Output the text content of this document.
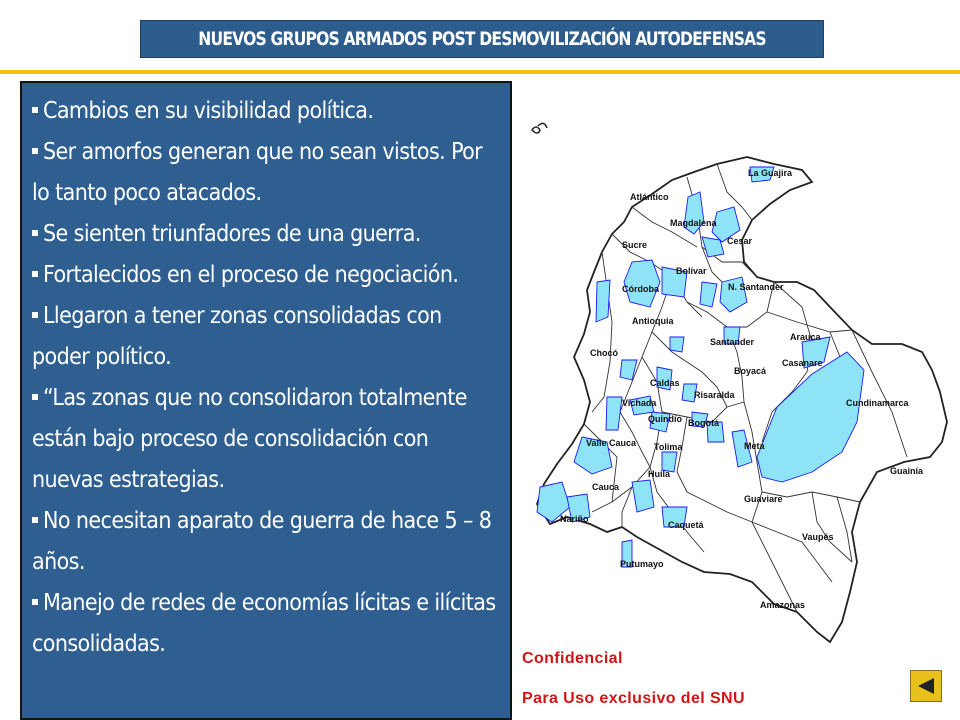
NUEVOS GRUPOS ARMADOS POST DESMOVILIZACIÓN AUTODEFENSAS
Cambios en su visibilidad política.
Ser amorfos generan que no sean vistos. Por lo tanto poco atacados.
Se sienten triunfadores de una guerra.
Fortalecidos en el proceso de negociación.
Llegaron a tener zonas consolidadas con poder político.
“Las zonas que no consolidaron totalmente están bajo proceso de consolidación con nuevas estrategias.
No necesitan aparato de guerra de hace 5 – 8 años.
Manejo de redes de economías lícitas e ilícitas consolidadas.
La Guajira
Atlántico
Magdalena
Cesar
Sucre
Bolívar
Córdoba	N. Santander
Antioquia
Santander	Arauca
Chocó
Boyacá
Casanare
Caldas
Risaralda
Cundinamarca
Vichada
Quindío Bogotá
Valle Cauca Tolima	Meta
Guainía
Huila
Cauca
Guaviare
Nariño
Caquetá
Vaupés
Putumayo
Amazonas
Confidencial
Para Uso exclusivo del SNU
